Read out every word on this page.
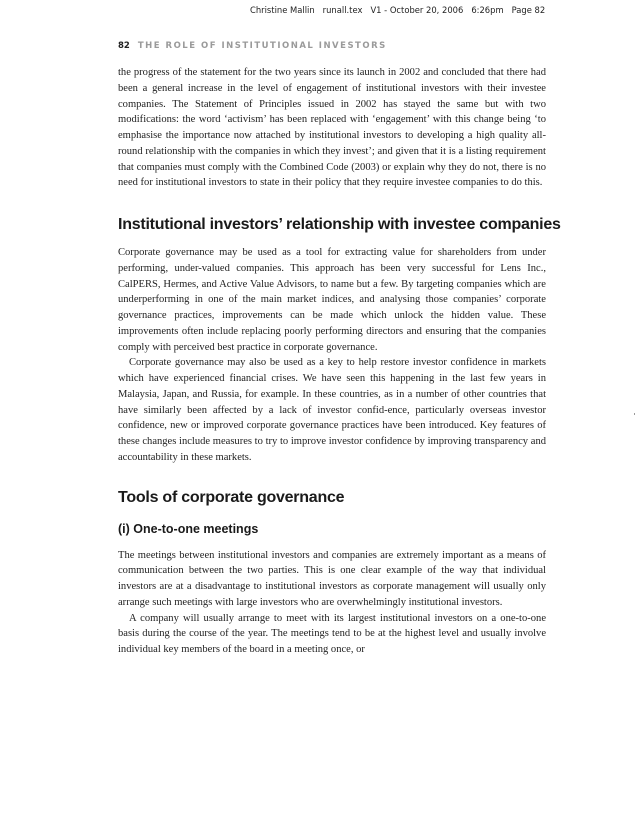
Christine Mallin runall.tex V1 - October 20, 2006 6:26pm Page 82
82 THE ROLE OF INSTITUTIONAL INVESTORS

the progress of the statement for the two years since its launch in 2002 and concluded that there had been a general increase in the level of engagement of institutional investors with their investee companies. The Statement of Principles issued in 2002 has stayed the same but with two modifications: the word ‘activism’ has been replaced with ‘engagement’ with this change being ‘to emphasise the importance now attached by institutional investors to developing a high quality all-round relationship with the companies in which they invest’; and given that it is a listing requirement that companies must comply with the Combined Code (2003) or explain why they do not, there is no need for institutional investors to state in their policy that they require investee companies to do this.

Institutional investors’ relationship with investee companies

Corporate governance may be used as a tool for extracting value for shareholders from under performing, under-valued companies. This approach has been very successful for Lens Inc., CalPERS, Hermes, and Active Value Advisors, to name but a few. By targeting companies which are underperforming in one of the main market indices, and analysing those companies’ corporate governance practices, improvements can be made which unlock the hidden value. These improvements often include replacing poorly performing directors and ensuring that the companies comply with perceived best practice in corporate governance.

Corporate governance may also be used as a key to help restore investor confidence in markets which have experienced financial crises. We have seen this happening in the last few years in Malaysia, Japan, and Russia, for example. In these countries, as in a number of other countries that have similarly been affected by a lack of investor confid-ence, particularly overseas investor confidence, new or improved corporate governance practices have been introduced. Key features of these changes include measures to try to improve investor confidence by improving transparency and accountability in these markets.

Tools of corporate governance
(i) One-to-one meetings

The meetings between institutional investors and companies are extremely important as a means of communication between the two parties. This is one clear example of the way that individual investors are at a disadvantage to institutional investors as corporate management will usually only arrange such meetings with large investors who are overwhelmingly institutional investors.

A company will usually arrange to meet with its largest institutional investors on a one-to-one basis during the course of the year. The meetings tend to be at the highest level and usually involve individual key members of the board in a meeting once, or
